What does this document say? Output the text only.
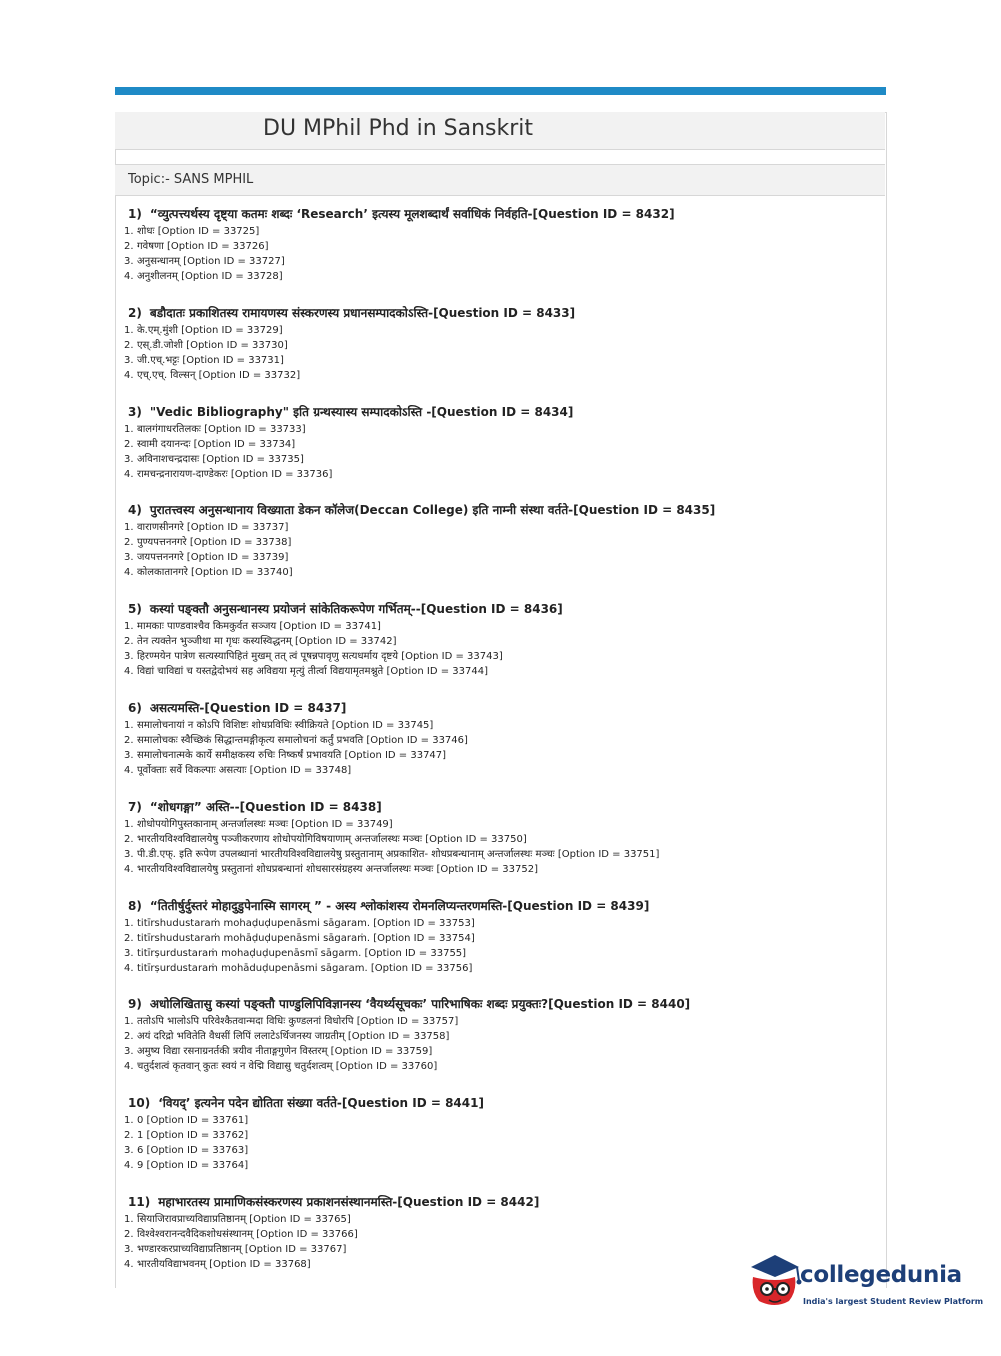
DU MPhil Phd in Sanskrit
Topic:- SANS MPHIL
1) “व्युत्पत्त्यर्थस्य दृष्ट्या कतमः शब्दः ‘Research’ इत्यस्य मूलशब्दार्थं सर्वाधिकं निर्वहति-[Question ID = 8432]
1. शोधः [Option ID = 33725]
2. गवेषणा [Option ID = 33726]
3. अनुसन्धानम् [Option ID = 33727]
4. अनुशीलनम् [Option ID = 33728]
2) बडौदातः प्रकाशितस्य रामायणस्य संस्करणस्य प्रधानसम्पादकोऽस्ति-[Question ID = 8433]
1. के.एम्.मुंशी [Option ID = 33729]
2. एस्.डी.जोशी [Option ID = 33730]
3. जी.एच्.भट्टः [Option ID = 33731]
4. एच्.एच्. विल्सन् [Option ID = 33732]
3) "Vedic Bibliography" इति ग्रन्थस्यास्य सम्पादकोऽस्ति -[Question ID = 8434]
1. बालगंगाधरतिलकः [Option ID = 33733]
2. स्वामी दयानन्दः [Option ID = 33734]
3. अविनाशचन्द्रदासः [Option ID = 33735]
4. रामचन्द्रनारायण-दाण्डेकरः [Option ID = 33736]
4) पुरातत्त्वस्य अनुसन्धानाय विख्याता डेकन कॉलेज(Deccan College) इति नाम्नी संस्था वर्तते-[Question ID = 8435]
1. वाराणसीनगरे [Option ID = 33737]
2. पुण्यपत्तननगरे [Option ID = 33738]
3. जयपत्तननगरे [Option ID = 33739]
4. कोलकातानगरे [Option ID = 33740]
5) कस्यां पङ्क्तौ अनुसन्धानस्य प्रयोजनं सांकेतिकरूपेण गर्भितम्--[Question ID = 8436]
1. मामकाः पाण्डवाश्चैव किमकुर्वत सञ्जय [Option ID = 33741]
2. तेन त्यक्तेन भुञ्जीथा मा गृधः कस्यस्विद्धनम् [Option ID = 33742]
3. हिरण्मयेन पात्रेण सत्यस्यापिहितं मुखम् तत् त्वं पूषन्नपावृणु सत्यधर्माय दृष्टये [Option ID = 33743]
4. विद्यां चाविद्यां च यस्तद्वेदोभयं सह अविद्यया मृत्युं तीर्त्वा विद्ययामृतमश्नुते [Option ID = 33744]
6) असत्यमस्ति-[Question ID = 8437]
1. समालोचनायां न कोऽपि विशिष्टः शोधप्रविधिः स्वीक्रियते [Option ID = 33745]
2. समालोचकः स्वैच्छिकं सिद्धान्तमङ्गीकृत्य समालोचनां कर्तुं प्रभवति [Option ID = 33746]
3. समालोचनात्मके कार्ये समीक्षकस्य रुचिः निष्कर्षं प्रभावयति [Option ID = 33747]
4. पूर्वोक्ताः सर्वे विकल्पाः असत्याः [Option ID = 33748]
7) “शोधगङ्गा” अस्ति--[Question ID = 8438]
1. शोधोपयोगिपुस्तकानाम् अन्तर्जालस्थः मञ्चः [Option ID = 33749]
2. भारतीयविश्वविद्यालयेषु पञ्जीकरणाय शोधोपयोगिविषयाणाम् अन्तर्जालस्थः मञ्चः [Option ID = 33750]
3. पी.डी.एफ्. इति रूपेण उपलब्धानां भारतीयविश्वविद्यालयेषु प्रस्तुतानाम् अप्रकाशित- शोधप्रबन्धानाम् अन्तर्जालस्थः मञ्चः [Option ID = 33751]
4. भारतीयविश्वविद्यालयेषु प्रस्तुतानां शोधप्रबन्धानां शोधसारसंग्रहस्य अन्तर्जालस्थः मञ्चः [Option ID = 33752]
8) “तितीर्षुर्दुस्तरं मोहादुडुपेनास्मि सागरम् ” - अस्य श्लोकांशस्य रोमनलिप्यन्तरणमस्ति-[Question ID = 8439]
1. titīrshudustaraṁ mohaḍuḍupenāsmi sāgaram. [Option ID = 33753]
2. titīrshudustaraṁ mohāḍuḍupenāsmi sāgaraṁ. [Option ID = 33754]
3. titīrṣurdustaraṁ mohaḍuḍupenāsmī sāgarm. [Option ID = 33755]
4. titīrṣurdustaraṁ mohāduḍupenāsmi sāgaram. [Option ID = 33756]
9) अधोलिखितासु कस्यां पङ्क्तौ पाण्डुलिपिविज्ञानस्य ‘वैयर्थ्यसूचकः’ पारिभाषिकः शब्दः प्रयुक्तः?[Question ID = 8440]
1. ततोऽपि भालोऽपि परिवेश्कैतवान्मदा विधिः कुण्डलनां विधोरपि [Option ID = 33757]
2. अयं दरिद्रो भवितेति वैधसीं लिपिं ललाटेऽर्थिजनस्य जाग्रतीम् [Option ID = 33758]
3. अमुष्य विद्या रसनाग्रनर्तकी त्रयीव नीताङ्गगुणेन विस्तरम् [Option ID = 33759]
4. चतुर्दशत्वं कृतवान् कुतः स्वयं न वेद्मि विद्यासु चतुर्दशत्वम् [Option ID = 33760]
10) ‘वियद्’ इत्यनेन पदेन द्योतिता संख्या वर्तते-[Question ID = 8441]
1. 0 [Option ID = 33761]
2. 1 [Option ID = 33762]
3. 6 [Option ID = 33763]
4. 9 [Option ID = 33764]
11) महाभारतस्य प्रामाणिकसंस्करणस्य प्रकाशनसंस्थानमस्ति-[Question ID = 8442]
1. सियाजिरावप्राच्यविद्याप्रतिष्ठानम् [Option ID = 33765]
2. विश्वेश्वरानन्दवैदिकशोधसंस्थानम् [Option ID = 33766]
3. भण्डारकरप्राच्यविद्याप्रतिष्ठानम् [Option ID = 33767]
4. भारतीयविद्याभवनम् [Option ID = 33768]	collegedunia
India's largest Student Review Platform
